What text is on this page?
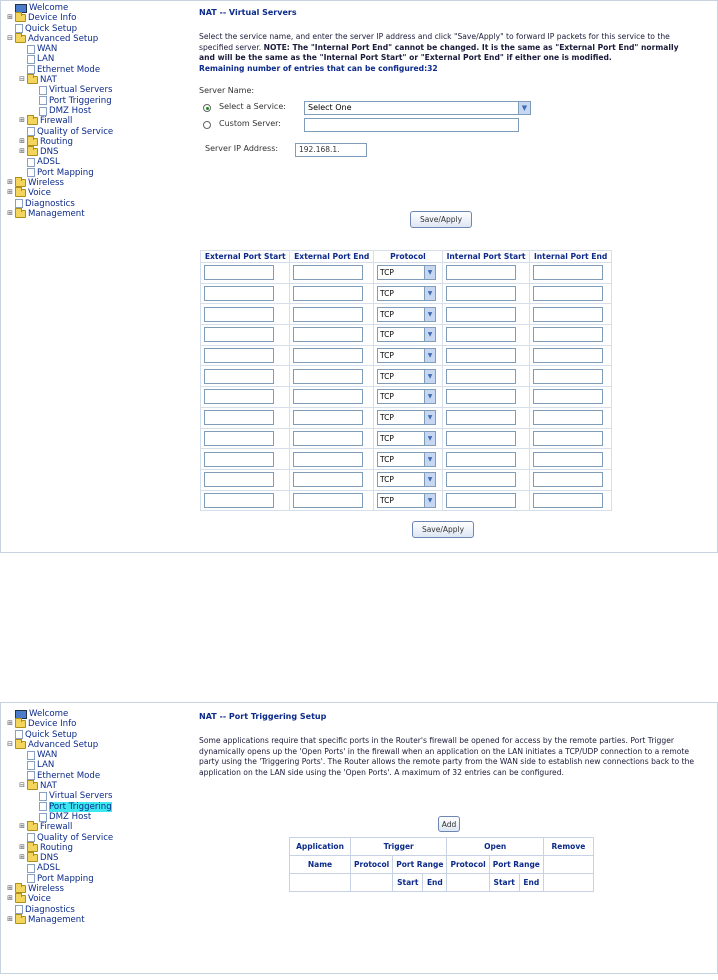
Welcome
⊞ Device Info
Quick Setup
⊟ Advanced Setup
WAN
LAN
Ethernet Mode
⊟ NAT
Virtual Servers
Port Triggering
DMZ Host
⊞ Firewall
Quality of Service
⊞ Routing
⊞ DNS
ADSL
Port Mapping
⊞ Wireless
⊞ Voice
Diagnostics
⊞ Management
NAT -- Virtual Servers

Select the service name, and enter the server IP address and click "Save/Apply" to forward IP packets for this service to the specified server. NOTE: The "Internal Port End" cannot be changed. It is the same as "External Port End" normally and will be the same as the "Internal Port Start" or "External Port End" if either one is modified.

Remaining number of entries that can be configured:32

Server Name:
Select a Service:	Select One	▼
Custom Server:
Server IP Address:	192.168.1.
Save/Apply
External Port Start	External Port End	Protocol	Internal Port Start	Internal Port End

		TCP ▼		

		TCP ▼		

		TCP ▼		

		TCP ▼		

		TCP ▼		

		TCP ▼		

		TCP ▼		

		TCP ▼		

		TCP ▼		

		TCP ▼		

		TCP ▼		

		TCP ▼		

Save/Apply
Welcome
⊞ Device Info
Quick Setup
⊟ Advanced Setup
WAN
LAN
Ethernet Mode
⊟ NAT
Virtual Servers
Port Triggering
DMZ Host
⊞ Firewall
Quality of Service
⊞ Routing
⊞ DNS
ADSL
Port Mapping
⊞ Wireless
⊞ Voice
Diagnostics
⊞ Management
NAT -- Port Triggering Setup

Some applications require that specific ports in the Router's firewall be opened for access by the remote parties. Port Trigger dynamically opens up the 'Open Ports' in the firewall when an application on the LAN initiates a TCP/UDP connection to a remote party using the 'Triggering Ports'. The Router allows the remote party from the WAN side to establish new connections back to the application on the LAN side using the 'Open Ports'. A maximum of 32 entries can be configured.

Add
Application	Trigger			Open			Remove
Name	Protocol	Port Range		Protocol	Port Range		
		Start	End		Start	End	
